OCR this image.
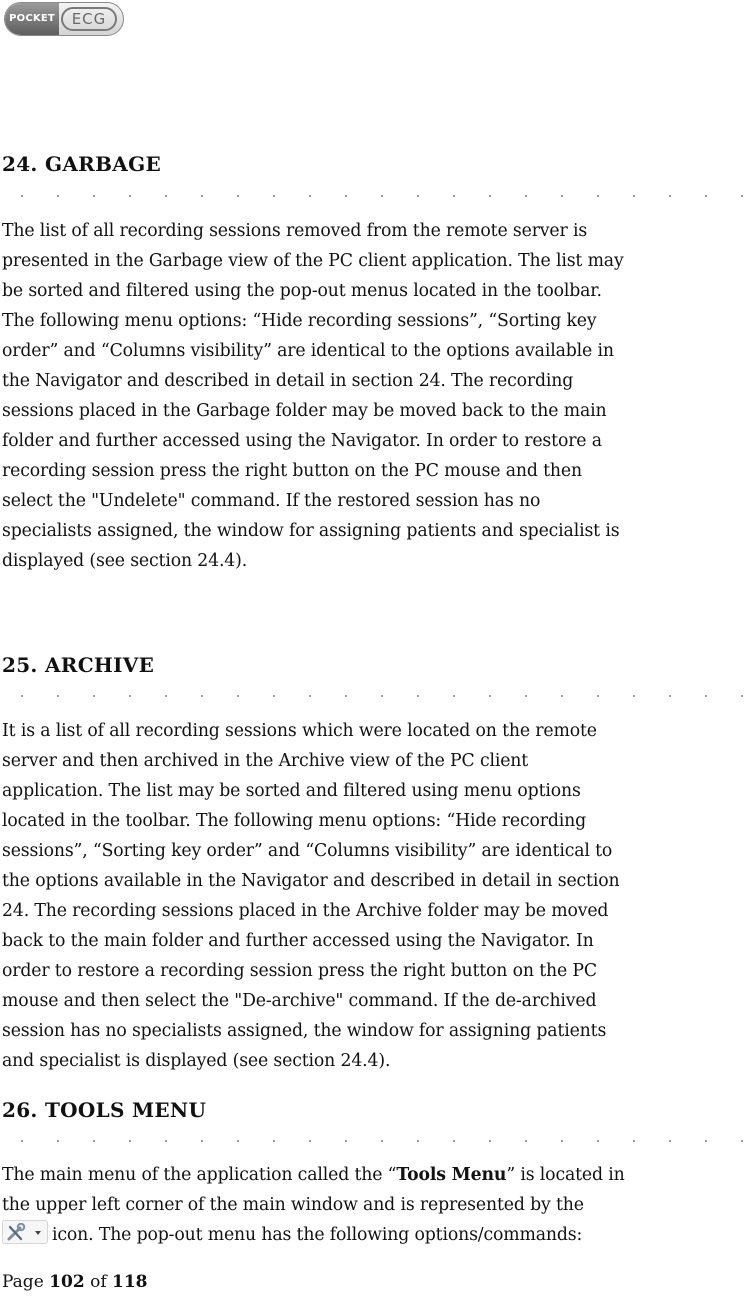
POCKET	ECG
24. GARBAGE

The list of all recording sessions removed from the remote server is
presented in the Garbage view of the PC client application. The list may
be sorted and filtered using the pop-out menus located in the toolbar.
The following menu options: “Hide recording sessions”, “Sorting key
order” and “Columns visibility” are identical to the options available in
the Navigator and described in detail in section 24. The recording
sessions placed in the Garbage folder may be moved back to the main
folder and further accessed using the Navigator. In order to restore a
recording session press the right button on the PC mouse and then
select the "Undelete" command. If the restored session has no
specialists assigned, the window for assigning patients and specialist is
displayed (see section 24.4).

25. ARCHIVE

It is a list of all recording sessions which were located on the remote
server and then archived in the Archive view of the PC client
application. The list may be sorted and filtered using menu options
located in the toolbar. The following menu options: “Hide recording
sessions”, “Sorting key order” and “Columns visibility” are identical to
the options available in the Navigator and described in detail in section
24. The recording sessions placed in the Archive folder may be moved
back to the main folder and further accessed using the Navigator. In
order to restore a recording session press the right button on the PC
mouse and then select the "De-archive" command. If the de-archived
session has no specialists assigned, the window for assigning patients
and specialist is displayed (see section 24.4).

26. TOOLS MENU

The main menu of the application called the “Tools Menu” is located in
the upper left corner of the main window and is represented by the
icon. The pop-out menu has the following options/commands:

Page 102 of 118
